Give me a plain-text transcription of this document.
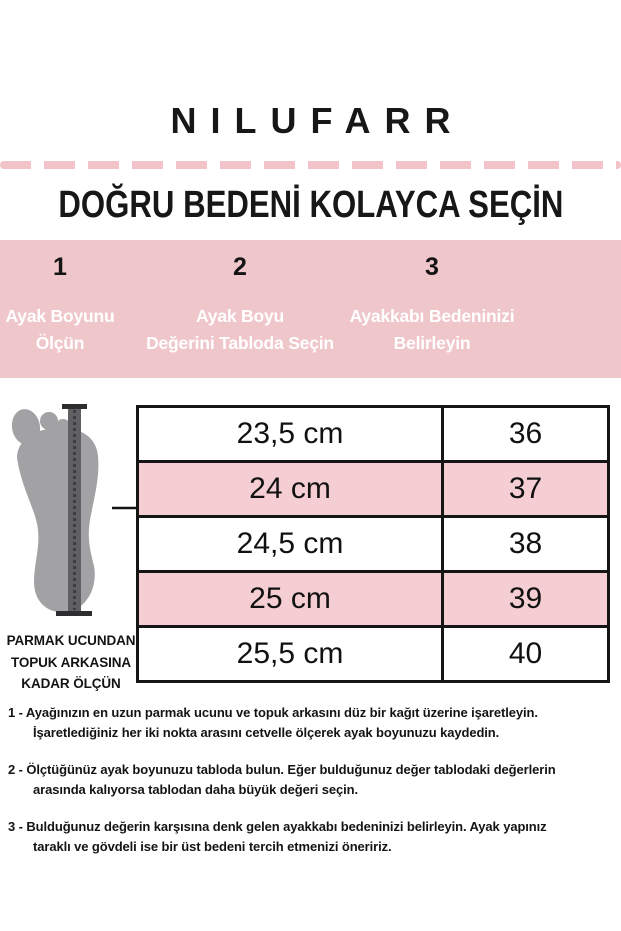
NILUFARR
DOĞRU BEDENİ KOLAYCA SEÇİN
1
Ayak Boyunu
Ölçün
2
Ayak Boyu
Değerini Tabloda Seçin
3
Ayakkabı Bedeninizi
Belirleyin
PARMAK UCUNDAN
TOPUK ARKASINA
KADAR ÖLÇÜN
23,5 cm	36
24 cm	37
24,5 cm	38
25 cm	39
25,5 cm	40
1 - Ayağınızın en uzun parmak ucunu ve topuk arkasını düz bir kağıt üzerine işaretleyin.
İşaretlediğiniz her iki nokta arasını cetvelle ölçerek ayak boyunuzu kaydedin.
2 - Ölçtüğünüz ayak boyunuzu tabloda bulun. Eğer bulduğunuz değer tablodaki değerlerin
arasında kalıyorsa tablodan daha büyük değeri seçin.
3 - Bulduğunuz değerin karşısına denk gelen ayakkabı bedeninizi belirleyin. Ayak yapınız
taraklı ve gövdeli ise bir üst bedeni tercih etmenizi öneririz.
